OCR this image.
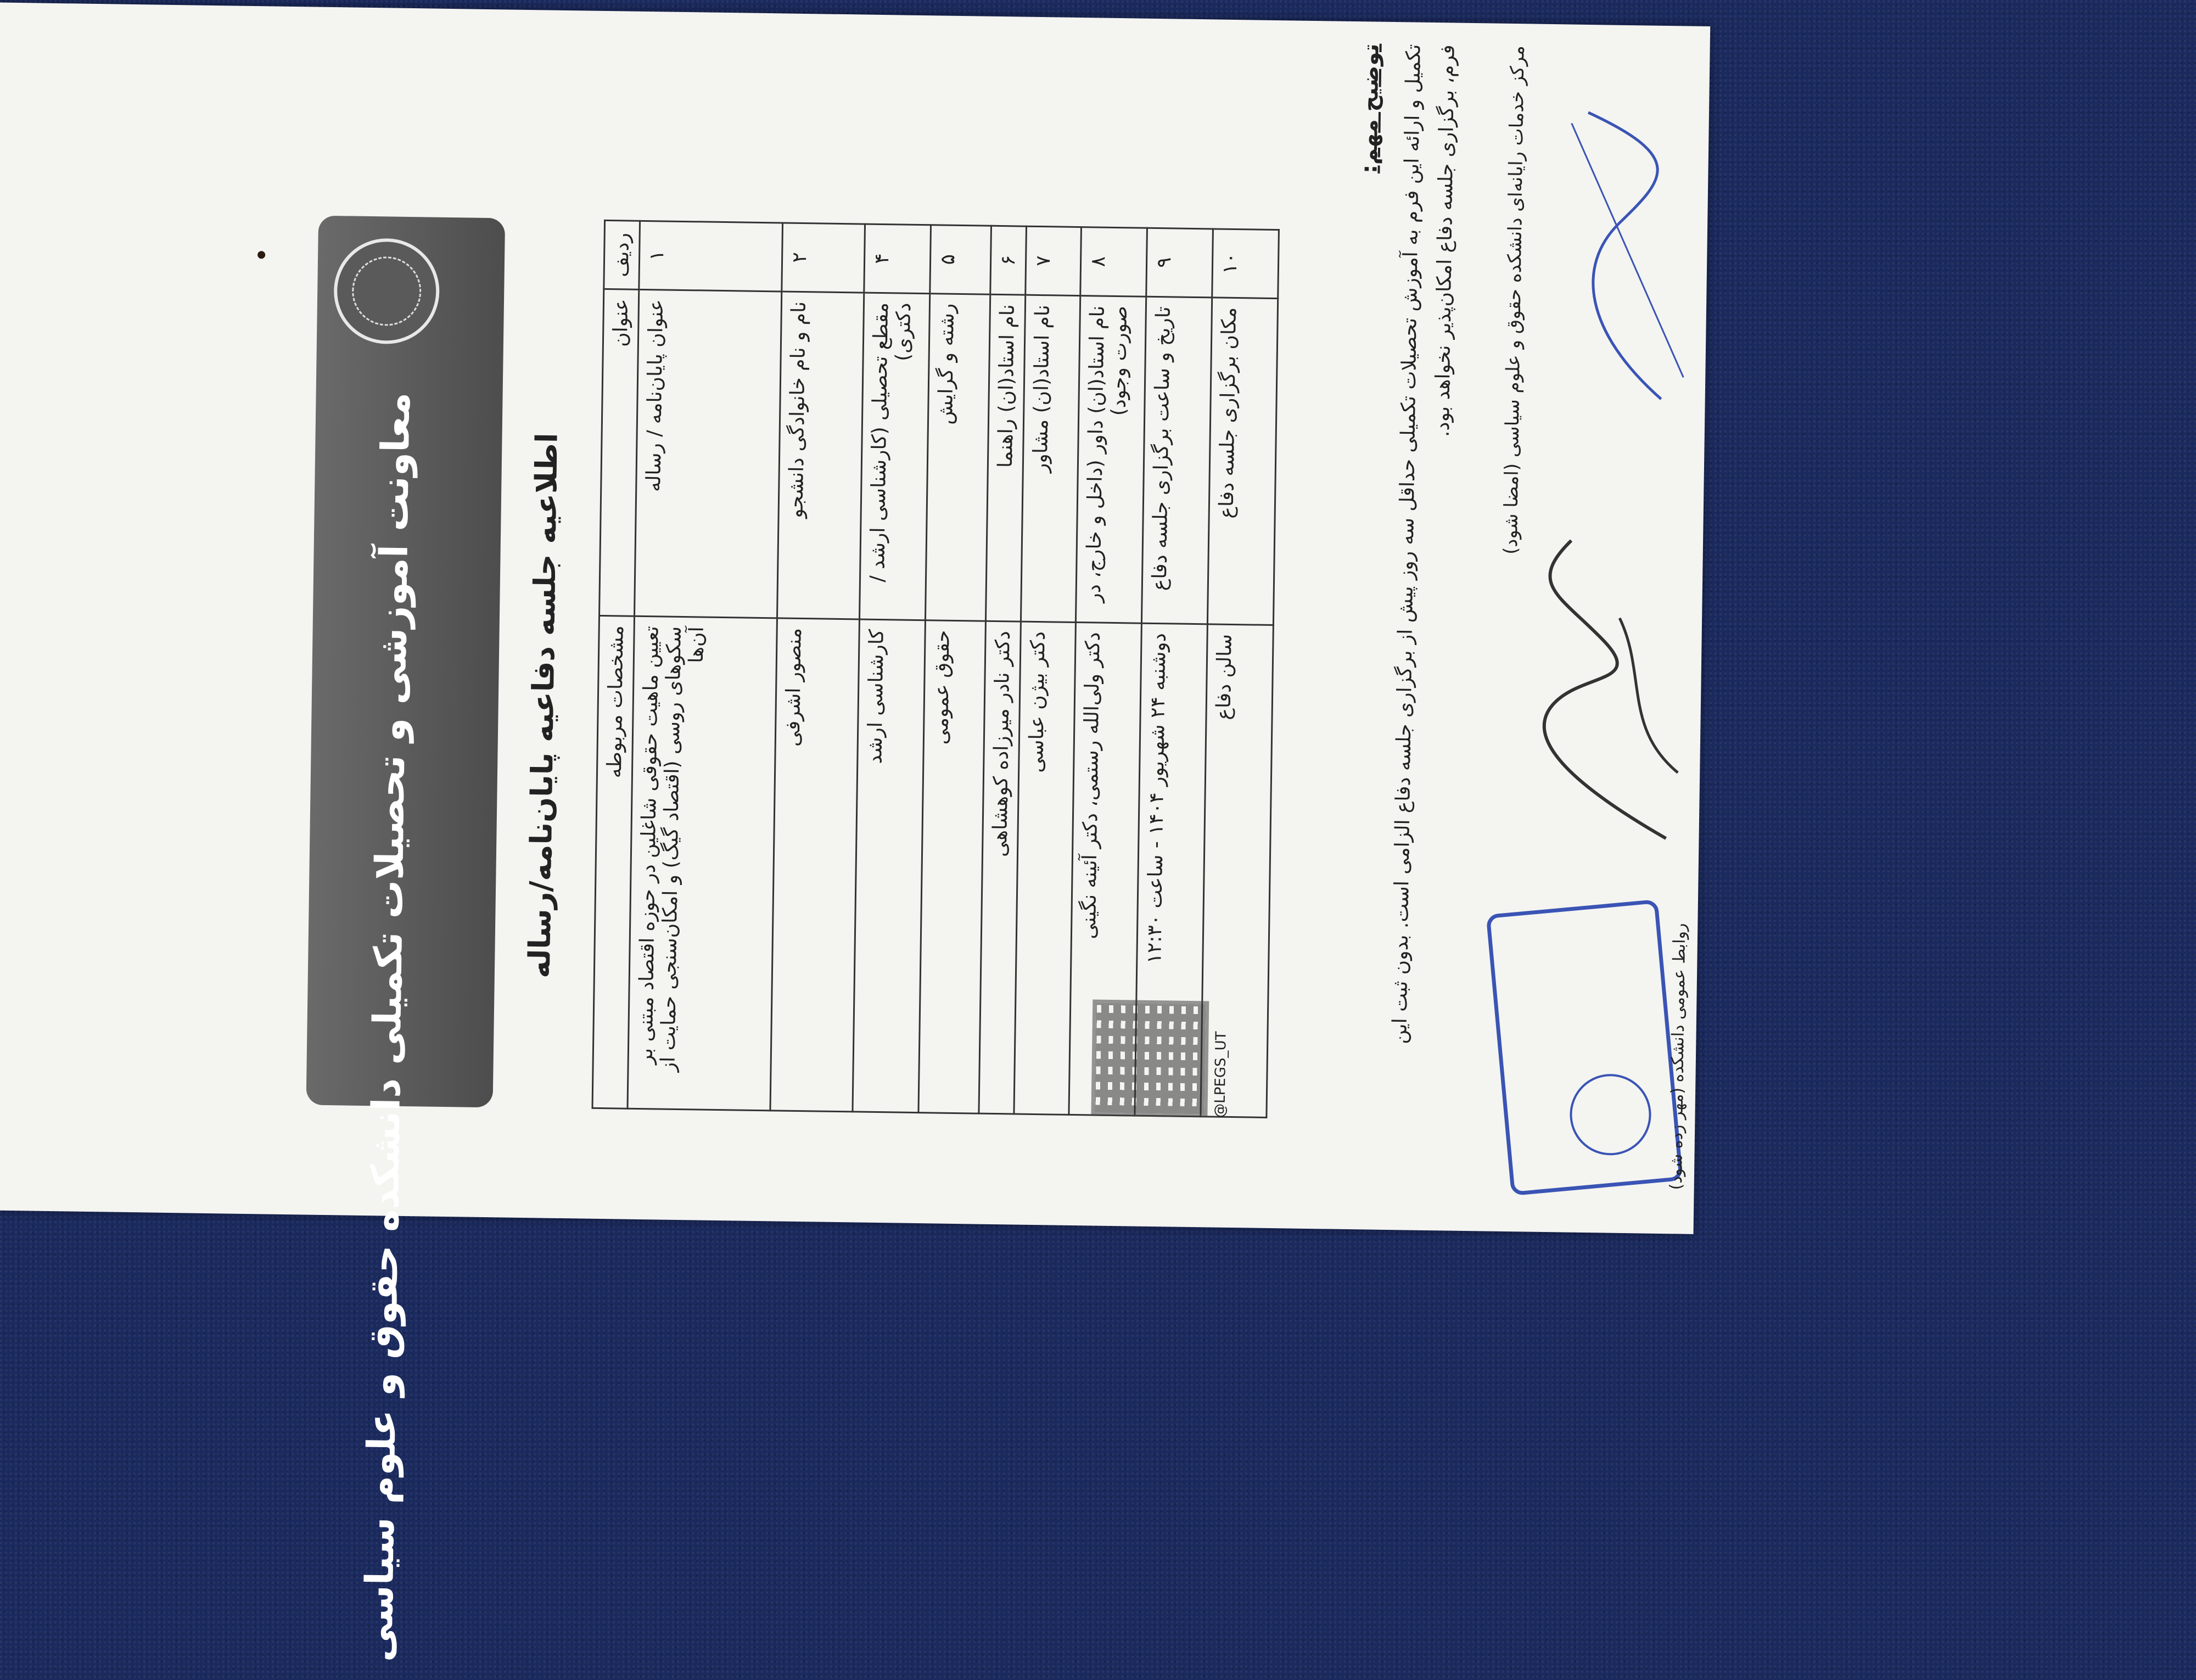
معاونت آموزشی و تحصیلات تکمیلی دانشکده حقوق و علوم سیاسی	اطلاعیه جلسه دفاعیه پایان‌نامه/رساله
ردیف	عنوان	مشخصات مربوطه
۱	عنوان پایان‌نامه / رساله	تعیین ماهیت حقوقی شاغلین در حوزه اقتصاد مبتنی بر سکوهای روسی (اقتصاد گیگ) و امکان‌سنجی حمایت از آن‌ها
۲	نام و نام خانوادگی دانشجو	منصور اشرفی
۴	مقطع تحصیلی (کارشناسی ارشد / دکتری)	کارشناسی ارشد
۵	رشته و گرایش	حقوق عمومی
۶	نام استاد(ان) راهنما	دکتر نادر میرزاده کوهشاهی
۷	نام استاد(ان) مشاور	دکتر بیژن عباسی
۸	نام استاد(ان) داور (داخل و خارج، در صورت وجود)	دکتر ولی‌الله رستمی، دکتر آئینه نگینی
۹	تاریخ و ساعت برگزاری جلسه دفاع	دوشنبه ۲۴ شهریور ۱۴۰۴ - ساعت ۱۲:۳۰
۱۰	مکان برگزاری جلسه دفاع	سالن دفاع
@LPEGS_UT
توضیح مهم: تکمیل و ارائه این فرم به آموزش تحصیلات تکمیلی حداقل سه روز پیش از برگزاری جلسه دفاع الزامی است. بدون ثبت این فرم، برگزاری جلسه دفاع امکان‌پذیر نخواهد بود.	مرکز خدمات رایانه‌ای دانشکده حقوق و علوم سیاسی (امضا شود)
روابط عمومی دانشکده (مهر زده شود)
